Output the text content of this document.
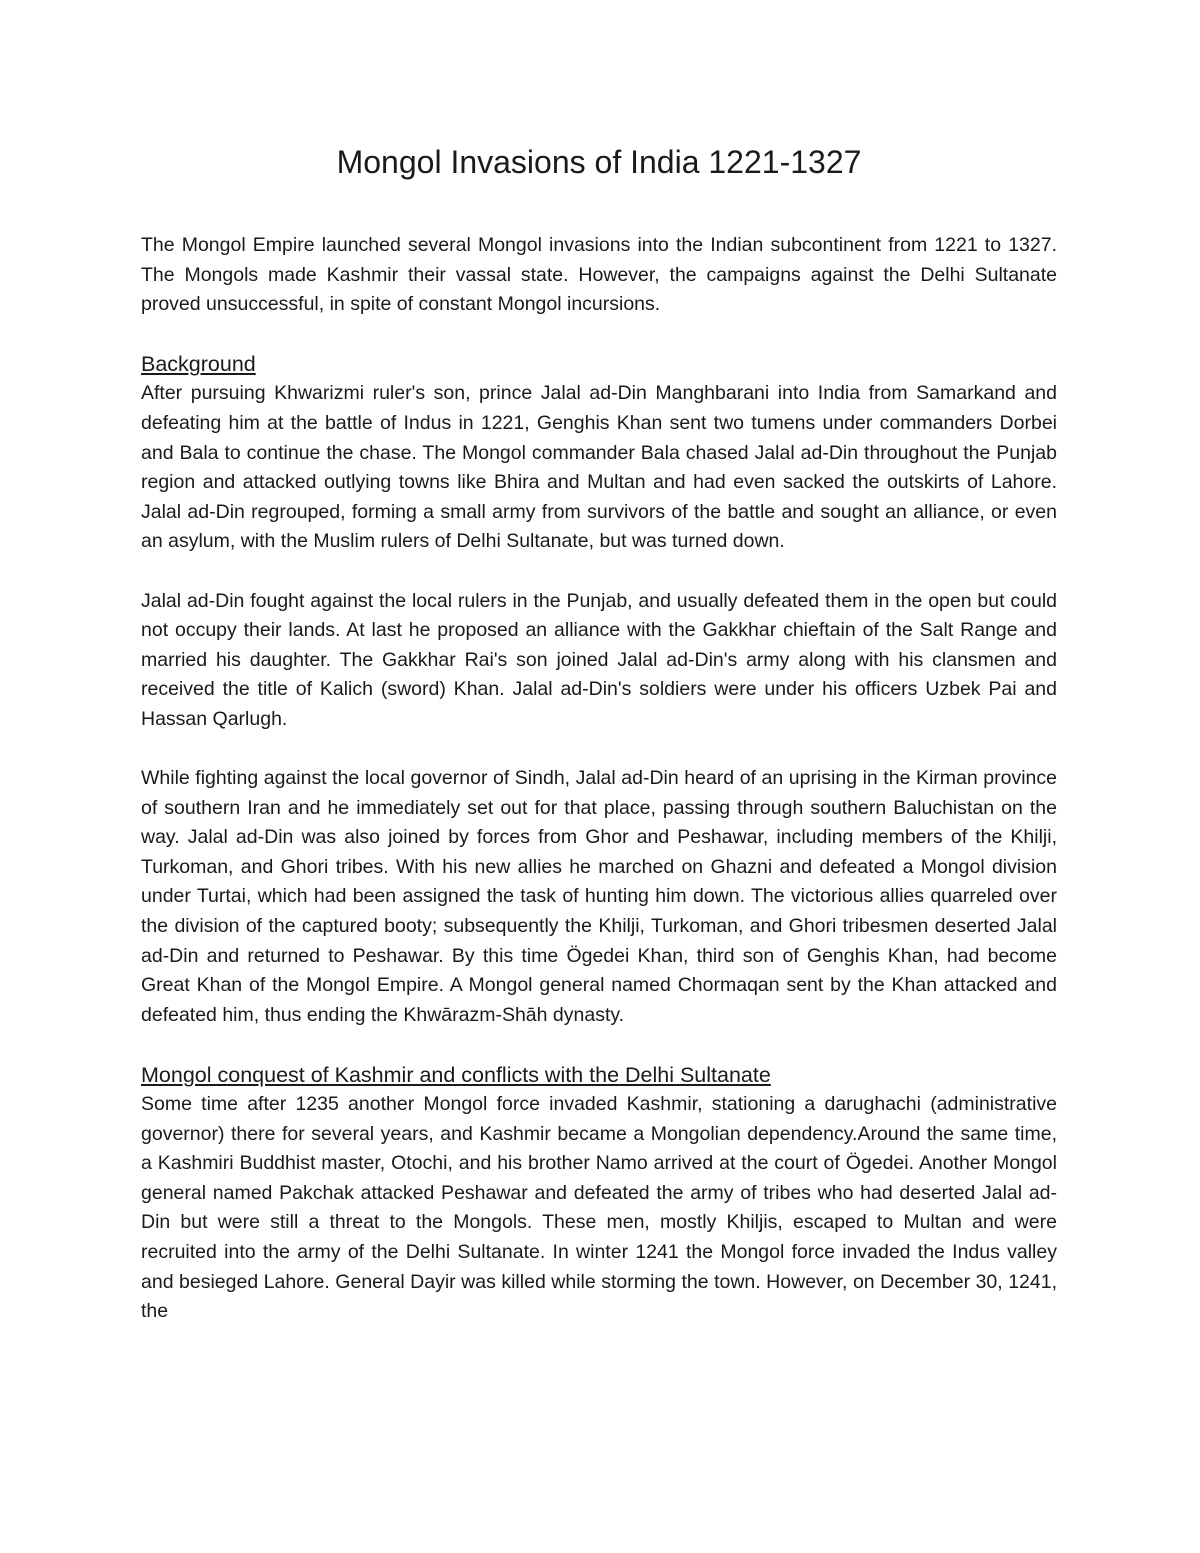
Mongol Invasions of India 1221-1327

The Mongol Empire launched several Mongol invasions into the Indian subcontinent from 1221 to 1327. The Mongols made Kashmir their vassal state. However, the campaigns against the Delhi Sultanate proved unsuccessful, in spite of constant Mongol incursions.

Background

After pursuing Khwarizmi ruler's son, prince Jalal ad-Din Manghbarani into India from Samarkand and defeating him at the battle of Indus in 1221, Genghis Khan sent two tumens under commanders Dorbei and Bala to continue the chase. The Mongol commander Bala chased Jalal ad-Din throughout the Punjab region and attacked outlying towns like Bhira and Multan and had even sacked the outskirts of Lahore. Jalal ad-Din regrouped, forming a small army from survivors of the battle and sought an alliance, or even an asylum, with the Muslim rulers of Delhi Sultanate, but was turned down.

Jalal ad-Din fought against the local rulers in the Punjab, and usually defeated them in the open but could not occupy their lands. At last he proposed an alliance with the Gakkhar chieftain of the Salt Range and married his daughter. The Gakkhar Rai's son joined Jalal ad-Din's army along with his clansmen and received the title of Kalich (sword) Khan. Jalal ad-Din's soldiers were under his officers Uzbek Pai and Hassan Qarlugh.

While fighting against the local governor of Sindh, Jalal ad-Din heard of an uprising in the Kirman province of southern Iran and he immediately set out for that place, passing through southern Baluchistan on the way. Jalal ad-Din was also joined by forces from Ghor and Peshawar, including members of the Khilji, Turkoman, and Ghori tribes. With his new allies he marched on Ghazni and defeated a Mongol division under Turtai, which had been assigned the task of hunting him down. The victorious allies quarreled over the division of the captured booty; subsequently the Khilji, Turkoman, and Ghori tribesmen deserted Jalal ad-Din and returned to Peshawar. By this time Ögedei Khan, third son of Genghis Khan, had become Great Khan of the Mongol Empire. A Mongol general named Chormaqan sent by the Khan attacked and defeated him, thus ending the Khwārazm-Shāh dynasty.

Mongol conquest of Kashmir and conflicts with the Delhi Sultanate

Some time after 1235 another Mongol force invaded Kashmir, stationing a darughachi (administrative governor) there for several years, and Kashmir became a Mongolian dependency.Around the same time, a Kashmiri Buddhist master, Otochi, and his brother Namo arrived at the court of Ögedei. Another Mongol general named Pakchak attacked Peshawar and defeated the army of tribes who had deserted Jalal ad-Din but were still a threat to the Mongols. These men, mostly Khiljis, escaped to Multan and were recruited into the army of the Delhi Sultanate. In winter 1241 the Mongol force invaded the Indus valley and besieged Lahore. General Dayir was killed while storming the town. However, on December 30, 1241, the
